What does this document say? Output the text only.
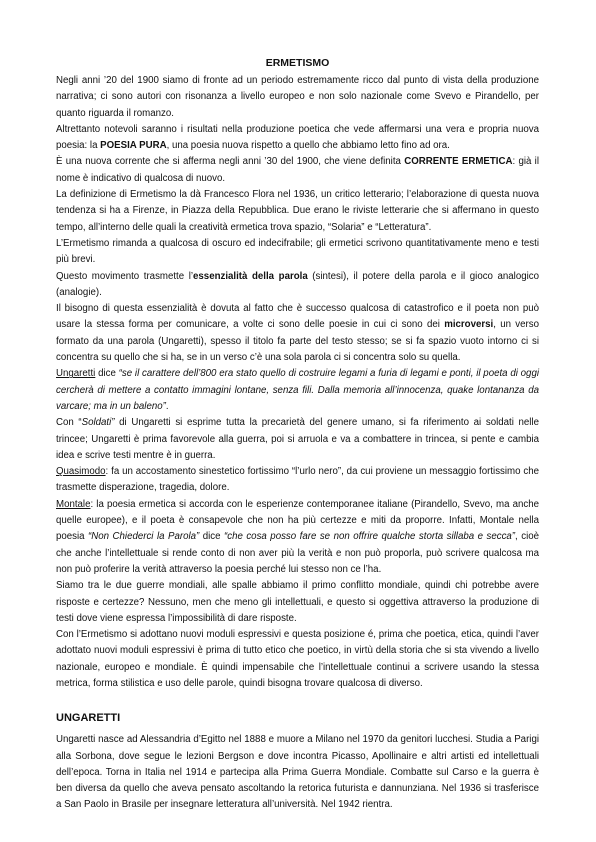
ERMETISMO

Negli anni ’20 del 1900 siamo di fronte ad un periodo estremamente ricco dal punto di vista della produzione narrativa; ci sono autori con risonanza a livello europeo e non solo nazionale come Svevo e Pirandello, per quanto riguarda il romanzo.

Altrettanto notevoli saranno i risultati nella produzione poetica che vede affermarsi una vera e propria nuova poesia: la POESIA PURA, una poesia nuova rispetto a quello che abbiamo letto fino ad ora.

È una nuova corrente che si afferma negli anni ’30 del 1900, che viene definita CORRENTE ERMETICA: già il nome è indicativo di qualcosa di nuovo.

La definizione di Ermetismo la dà Francesco Flora nel 1936, un critico letterario; l’elaborazione di questa nuova tendenza si ha a Firenze, in Piazza della Repubblica. Due erano le riviste letterarie che si affermano in questo tempo, all’interno delle quali la creatività ermetica trova spazio, “Solaria” e “Letteratura”.

L’Ermetismo rimanda a qualcosa di oscuro ed indecifrabile; gli ermetici scrivono quantitativamente meno e testi più brevi.

Questo movimento trasmette l’essenzialità della parola (sintesi), il potere della parola e il gioco analogico (analogie).

Il bisogno di questa essenzialità è dovuta al fatto che è successo qualcosa di catastrofico e il poeta non può usare la stessa forma per comunicare, a volte ci sono delle poesie in cui ci sono dei microversi, un verso formato da una parola (Ungaretti), spesso il titolo fa parte del testo stesso; se si fa spazio vuoto intorno ci si concentra su quello che si ha, se in un verso c’è una sola parola ci si concentra solo su quella.

Ungaretti dice “se il carattere dell’800 era stato quello di costruire legami a furia di legami e ponti, il poeta di oggi cercherà di mettere a contatto immagini lontane, senza fili. Dalla memoria all’innocenza, quake lontananza da varcare; ma in un baleno”.

Con “Soldati” di Ungaretti si esprime tutta la precarietà del genere umano, si fa riferimento ai soldati nelle trincee; Ungaretti è prima favorevole alla guerra, poi si arruola e va a combattere in trincea, si pente e cambia idea e scrive testi mentre è in guerra.

Quasimodo: fa un accostamento sinestetico fortissimo “l’urlo nero”, da cui proviene un messaggio fortissimo che trasmette disperazione, tragedia, dolore.

Montale: la poesia ermetica si accorda con le esperienze contemporanee italiane (Pirandello, Svevo, ma anche quelle europee), e il poeta è consapevole che non ha più certezze e miti da proporre. Infatti, Montale nella poesia “Non Chiederci la Parola” dice “che cosa posso fare se non offrire qualche storta sillaba e secca”, cioè che anche l’intellettuale si rende conto di non aver più la verità e non può proporla, può scrivere qualcosa ma non può proferire la verità attraverso la poesia perché lui stesso non ce l’ha.

Siamo tra le due guerre mondiali, alle spalle abbiamo il primo conflitto mondiale, quindi chi potrebbe avere risposte e certezze? Nessuno, men che meno gli intellettuali, e questo si oggettiva attraverso la produzione di testi dove viene espressa l’impossibilità di dare risposte.

Con l’Ermetismo si adottano nuovi moduli espressivi e questa posizione é, prima che poetica, etica, quindi l’aver adottato nuovi moduli espressivi è prima di tutto etico che poetico, in virtù della storia che si sta vivendo a livello nazionale, europeo e mondiale. È quindi impensabile che l’intellettuale continui a scrivere usando la stessa metrica, forma stilistica e uso delle parole, quindi bisogna trovare qualcosa di diverso.

UNGARETTI

Ungaretti nasce ad Alessandria d’Egitto nel 1888 e muore a Milano nel 1970 da genitori lucchesi. Studia a Parigi alla Sorbona, dove segue le lezioni Bergson e dove incontra Picasso, Apollinaire e altri artisti ed intellettuali dell’epoca. Torna in Italia nel 1914 e partecipa alla Prima Guerra Mondiale. Combatte sul Carso e la guerra è ben diversa da quello che aveva pensato ascoltando la retorica futurista e dannunziana. Nel 1936 si trasferisce a San Paolo in Brasile per insegnare letteratura all’università. Nel 1942 rientra.
